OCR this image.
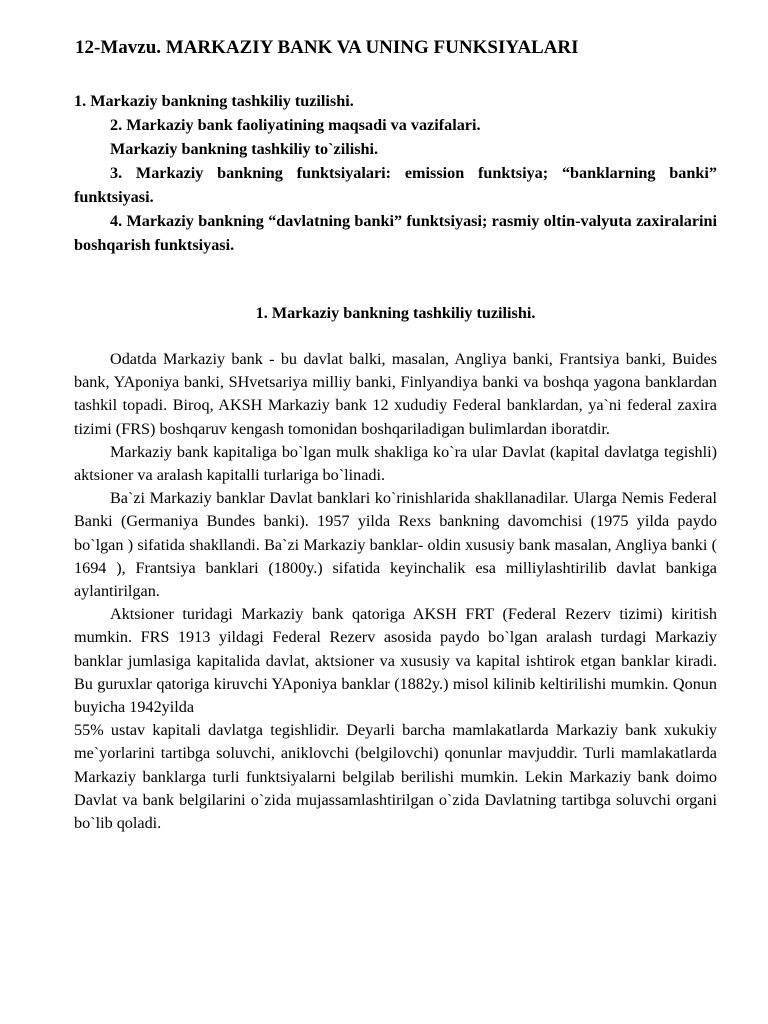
12-Mavzu. MARKAZIY BANK VA UNING FUNKSIYALARI

1. Markaziy bankning tashkiliy tuzilishi.

2. Markaziy bank faoliyatining maqsadi va vazifalari.

Markaziy bankning tashkiliy to`zilishi.

3. Markaziy bankning funktsiyalari: emission funktsiya; “banklarning banki” funktsiyasi.

4. Markaziy bankning “davlatning banki” funktsiyasi; rasmiy oltin-valyuta zaxiralarini boshqarish funktsiyasi.

1. Markaziy bankning tashkiliy tuzilishi.

Odatda Markaziy bank - bu davlat balki, masalan, Angliya banki, Frantsiya banki, Buides bank, YAponiya banki, SHvetsariya milliy banki, Finlyandiya banki va boshqa yagona banklardan tashkil topadi. Biroq, AKSH Markaziy bank 12 xududiy Federal banklardan, ya`ni federal zaxira tizimi (FRS) boshqaruv kengash tomonidan boshqariladigan bulimlardan iboratdir.

Markaziy bank kapitaliga bo`lgan mulk shakliga ko`ra ular Davlat (kapital davlatga tegishli) aktsioner va aralash kapitalli turlariga bo`linadi.

Ba`zi Markaziy banklar Davlat banklari ko`rinishlarida shakllanadilar. Ularga Nemis Federal Banki (Germaniya Bundes banki). 1957 yilda Rexs bankning davomchisi (1975 yilda paydo bo`lgan ) sifatida shakllandi. Ba`zi Markaziy banklar- oldin xususiy bank masalan, Angliya banki ( 1694 ), Frantsiya banklari (1800y.) sifatida keyinchalik esa milliylashtirilib davlat bankiga aylantirilgan.

Aktsioner turidagi Markaziy bank qatoriga AKSH FRT (Federal Rezerv tizimi) kiritish mumkin. FRS 1913 yildagi Federal Rezerv asosida paydo bo`lgan aralash turdagi Markaziy banklar jumlasiga kapitalida davlat, aktsioner va xususiy va kapital ishtirok etgan banklar kiradi. Bu guruxlar qatoriga kiruvchi YAponiya banklar (1882y.) misol kilinib keltirilishi mumkin. Qonun buyicha 1942yilda

55% ustav kapitali davlatga tegishlidir. Deyarli barcha mamlakatlarda Markaziy bank xukukiy me`yorlarini tartibga soluvchi, aniklovchi (belgilovchi) qonunlar mavjuddir. Turli mamlakatlarda Markaziy banklarga turli funktsiyalarni belgilab berilishi mumkin. Lekin Markaziy bank doimo Davlat va bank belgilarini o`zida mujassamlashtirilgan o`zida Davlatning tartibga soluvchi organi bo`lib qoladi.
